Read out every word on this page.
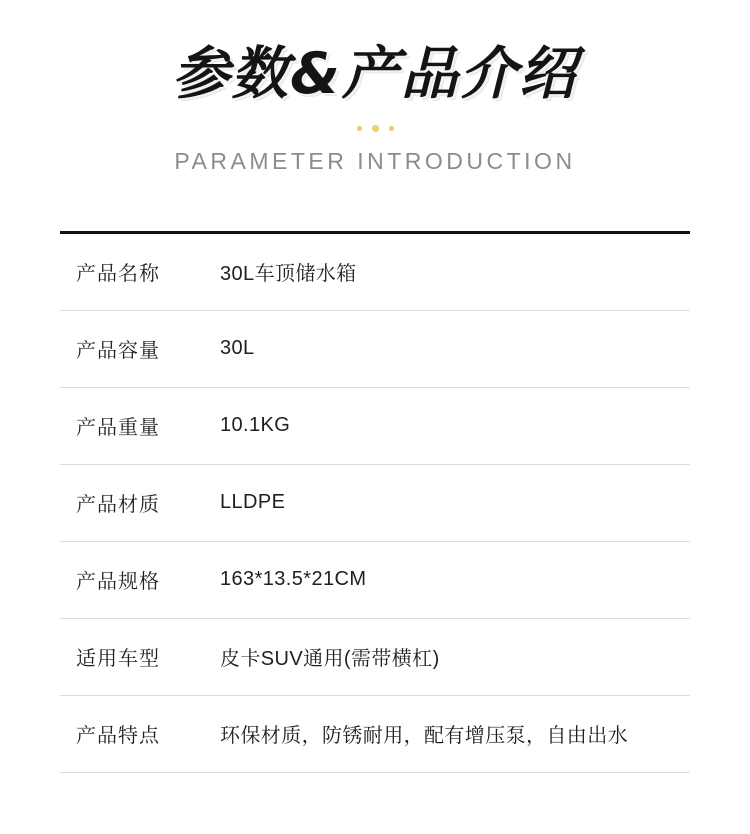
参数&产品介绍
PARAMETER INTRODUCTION
产品名称	30L车顶储水箱
产品容量	30L
产品重量	10.1KG
产品材质	LLDPE
产品规格	163*13.5*21CM
适用车型	皮卡SUV通用(需带横杠)
产品特点	环保材质，防锈耐用，配有增压泵，自由出水
